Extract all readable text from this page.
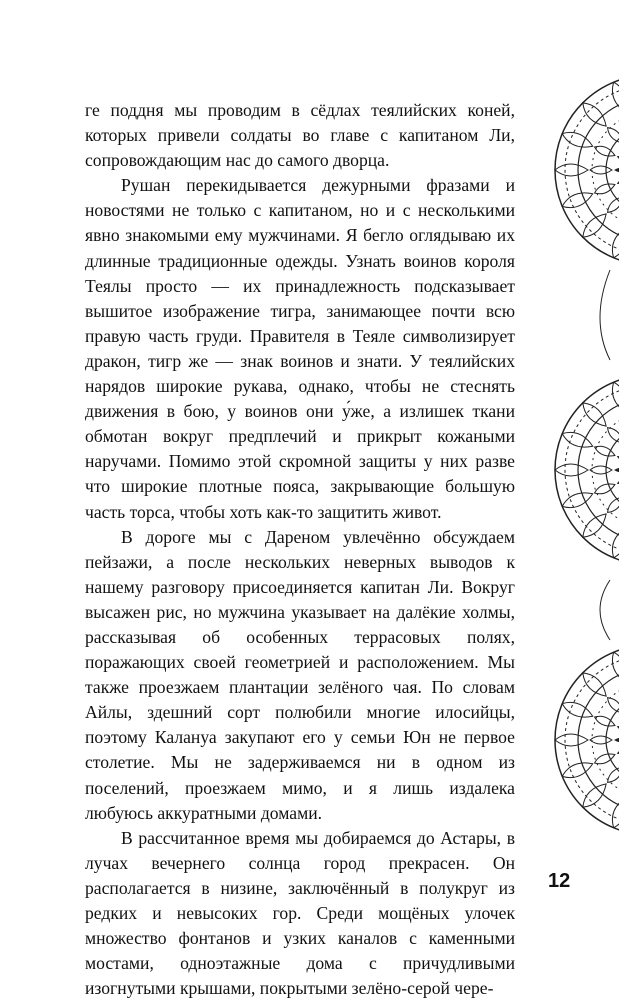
ге поддня мы проводим в сёдлах теялийских коней, которых привели солдаты во главе с капитаном Ли, сопровождающим нас до самого дворца.

Рушан перекидывается дежурными фразами и новостями не только с капитаном, но и с несколькими явно знакомыми ему мужчинами. Я бегло оглядываю их длинные традиционные одежды. Узнать воинов короля Теялы просто — их принадлежность подсказывает вышитое изображение тигра, занимающее почти всю правую часть груди. Правителя в Теяле символизирует дракон, тигр же — знак воинов и знати. У теялийских нарядов широкие рукава, однако, чтобы не стеснять движения в бою, у воинов они у́же, а излишек ткани обмотан вокруг предплечий и прикрыт кожаными наручами. Помимо этой скромной защиты у них разве что широкие плотные пояса, закрывающие большую часть торса, чтобы хоть как-то защитить живот.

В дороге мы с Дареном увлечённо обсуждаем пейзажи, а после нескольких неверных выводов к нашему разговору присоединяется капитан Ли. Вокруг высажен рис, но мужчина указывает на далёкие холмы, рассказывая об особенных террасовых полях, поражающих своей геометрией и расположением. Мы также проезжаем плантации зелёного чая. По словам Айлы, здешний сорт полюбили многие илосийцы, поэтому Калануа закупают его у семьи Юн не первое столетие. Мы не задерживаемся ни в одном из поселений, проезжаем мимо, и я лишь издалека любуюсь аккуратными домами.

В рассчитанное время мы добираемся до Астары, в лучах вечернего солнца город прекрасен. Он располагается в низине, заключённый в полукруг из редких и невысоких гор. Среди мощёных улочек множество фонтанов и узких каналов с каменными мостами, одноэтажные дома с причудливыми изогнутыми крышами, покрытыми зелёно-серой чере-

12
